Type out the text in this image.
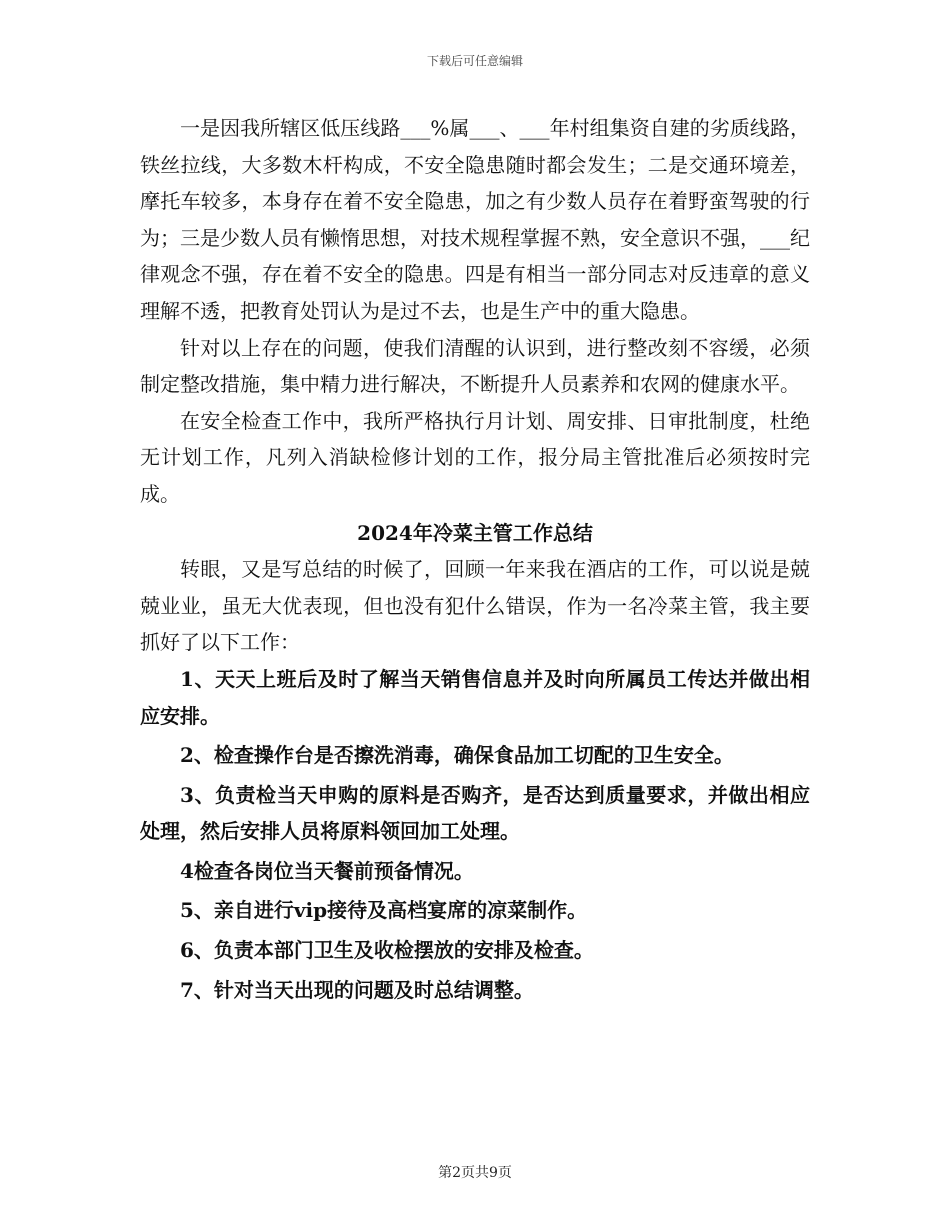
下载后可任意编辑

一是因我所辖区低压线路___%属___、___年村组集资自建的劣质线路，铁丝拉线，大多数木杆构成，不安全隐患随时都会发生；二是交通环境差，摩托车较多，本身存在着不安全隐患，加之有少数人员存在着野蛮驾驶的行为；三是少数人员有懒惰思想，对技术规程掌握不熟，安全意识不强，___纪律观念不强，存在着不安全的隐患。四是有相当一部分同志对反违章的意义理解不透，把教育处罚认为是过不去，也是生产中的重大隐患。

针对以上存在的问题，使我们清醒的认识到，进行整改刻不容缓，必须制定整改措施，集中精力进行解决，不断提升人员素养和农网的健康水平。

在安全检查工作中，我所严格执行月计划、周安排、日审批制度，杜绝无计划工作，凡列入消缺检修计划的工作，报分局主管批准后必须按时完成。

2024年冷菜主管工作总结

转眼，又是写总结的时候了，回顾一年来我在酒店的工作，可以说是兢兢业业，虽无大优表现，但也没有犯什么错误，作为一名冷菜主管，我主要抓好了以下工作：

1、天天上班后及时了解当天销售信息并及时向所属员工传达并做出相应安排。

2、检查操作台是否擦洗消毒，确保食品加工切配的卫生安全。

3、负责检当天申购的原料是否购齐，是否达到质量要求，并做出相应处理，然后安排人员将原料领回加工处理。

4检查各岗位当天餐前预备情况。

5、亲自进行vip接待及高档宴席的凉菜制作。

6、负责本部门卫生及收检摆放的安排及检查。

7、针对当天出现的问题及时总结调整。

第2页共9页
